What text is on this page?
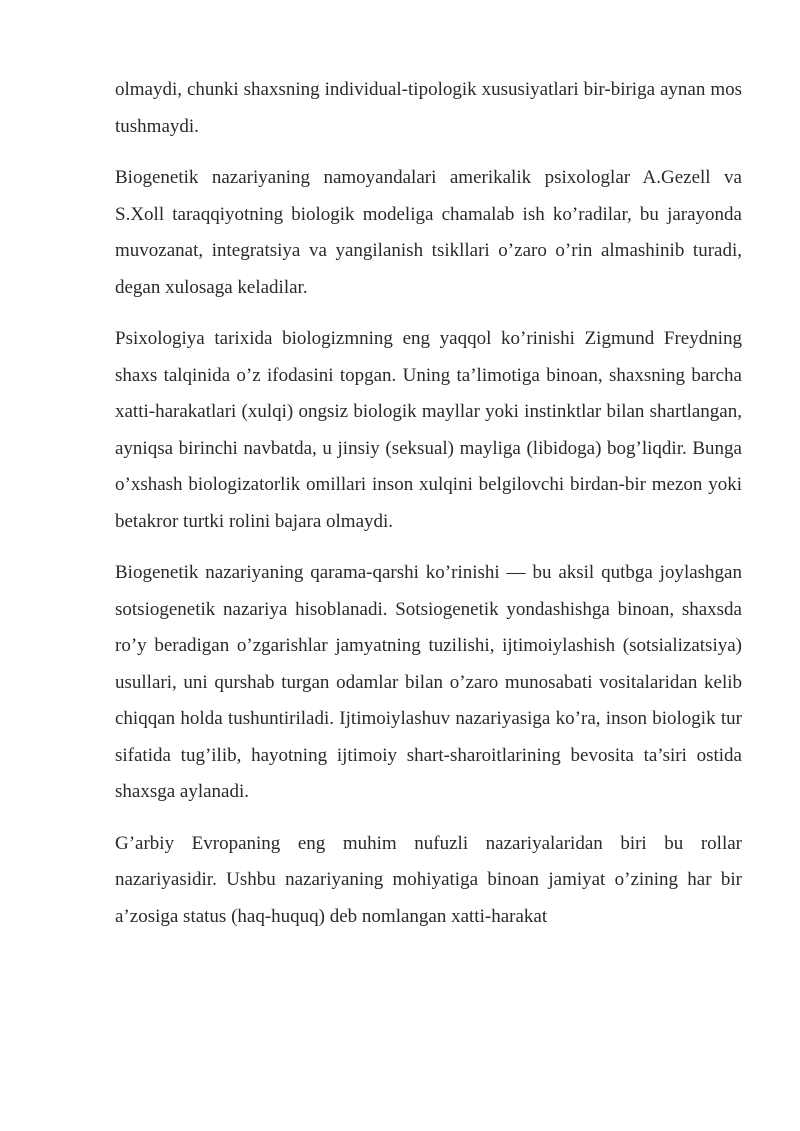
olmaydi, chunki shaxsning individual-tipologik xususiyatlari bir-biriga aynan mos tushmaydi.

Biogenetik nazariyaning namoyandalari amerikalik psixologlar A.Gezell va S.Xoll taraqqiyotning biologik modeliga chamalab ish ko’radilar, bu jarayonda muvozanat, integratsiya va yangilanish tsikllari o’zaro o’rin almashinib turadi, degan xulosaga keladilar.

Psixologiya tarixida biologizmning eng yaqqol ko’rinishi Zigmund Freydning shaxs talqinida o’z ifodasini topgan. Uning ta’limotiga binoan, shaxsning barcha xatti-harakatlari (xulqi) ongsiz biologik mayllar yoki instinktlar bilan shartlangan, ayniqsa birinchi navbatda, u jinsiy (seksual) mayliga (libidoga) bog’liqdir. Bunga o’xshash biologizatorlik omillari inson xulqini belgilovchi birdan-bir mezon yoki betakror turtki rolini bajara olmaydi.

Biogenetik nazariyaning qarama-qarshi ko’rinishi — bu aksil qutbga joylashgan sotsiogenetik nazariya hisoblanadi. Sotsiogenetik yondashishga binoan, shaxsda ro’y beradigan o’zgarishlar jamyatning tuzilishi, ijtimoiylashish (sotsializatsiya) usullari, uni qurshab turgan odamlar bilan o’zaro munosabati vositalaridan kelib chiqqan holda tushuntiriladi. Ijtimoiylashuv nazariyasiga ko’ra, inson biologik tur sifatida tug’ilib, hayotning ijtimoiy shart-sharoitlarining bevosita ta’siri ostida shaxsga aylanadi.

G’arbiy Evropaning eng muhim nufuzli nazariyalaridan biri bu rollar nazariyasidir. Ushbu nazariyaning mohiyatiga binoan jamiyat o’zining har bir a’zosiga status (haq-huquq) deb nomlangan xatti-harakat
